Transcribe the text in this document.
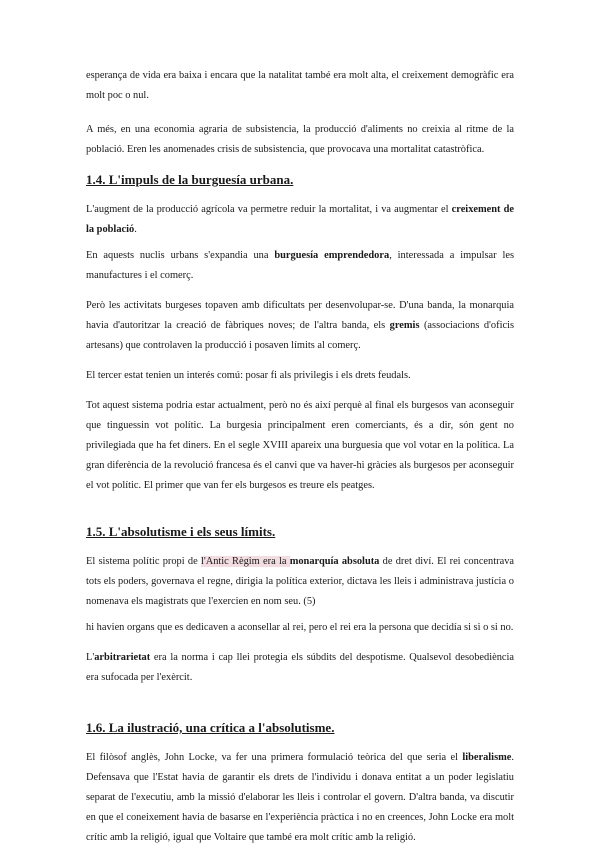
esperança de vida era baixa i encara que la natalitat també era molt alta, el creixement demogràfic era molt poc o nul.

A més, en una economia agraria de subsistencia, la producció d'aliments no creixia al ritme de la població. Eren les anomenades crisis de subsistencia, que provocava una mortalitat catastròfica.

1.4. L'impuls de la burguesía urbana.

L'augment de la producció agrícola va permetre reduir la mortalitat, i va augmentar el creixement de la població.

En aquests nuclis urbans s'expandia una burguesía emprendedora, interessada a impulsar les manufactures i el comerç.

Però les activitats burgeses topaven amb dificultats per desenvolupar-se. D'una banda, la monarquia havia d'autoritzar la creació de fàbriques noves; de l'altra banda, els gremis (associacions d'oficis artesans) que controlaven la producció i posaven límits al comerç.

El tercer estat tenien un interés comú: posar fi als privilegis i els drets feudals.

Tot aquest sistema podria estar actualment, però no és així perquè al final els burgesos van aconseguir que tinguessin vot polític. La burgesia principalment eren comerciants, és a dir, són gent no privilegiada que ha fet diners. En el segle XVIII apareix una burguesia que vol votar en la política. La gran diferència de la revolució francesa és el canvi que va haver-hi gràcies als burgesos per aconseguir el vot polític. El primer que van fer els burgesos es treure els peatges.

1.5. L'absolutisme i els seus límits.

El sistema polític propi de l'Antic Règim era la monarquía absoluta de dret diví. El rei concentrava tots els poders, governava el regne, dirigia la política exterior, dictava les lleis i administrava justícia o nomenava els magistrats que l'exercien en nom seu. (5)

hi havien organs que es dedicaven a aconsellar al rei, pero el rei era la persona que decidía si si o si no.

L'arbitrarietat era la norma i cap llei protegia els súbdits del despotisme. Qualsevol desobediència era sufocada per l'exèrcit.

1.6. La ilustració, una crítica a l'absolutisme.

El filòsof anglès, John Locke, va fer una primera formulació teòrica del que seria el liberalisme. Defensava que l'Estat havia de garantir els drets de l'individu i donava entitat a un poder legislatiu separat de l'executiu, amb la missió d'elaborar les lleis i controlar el govern. D'altra banda, va discutir en que el coneixement havia de basarse en l'experiència pràctica i no en creences, John Locke era molt crític amb la religió, igual que Voltaire que també era molt crític amb la religió.
